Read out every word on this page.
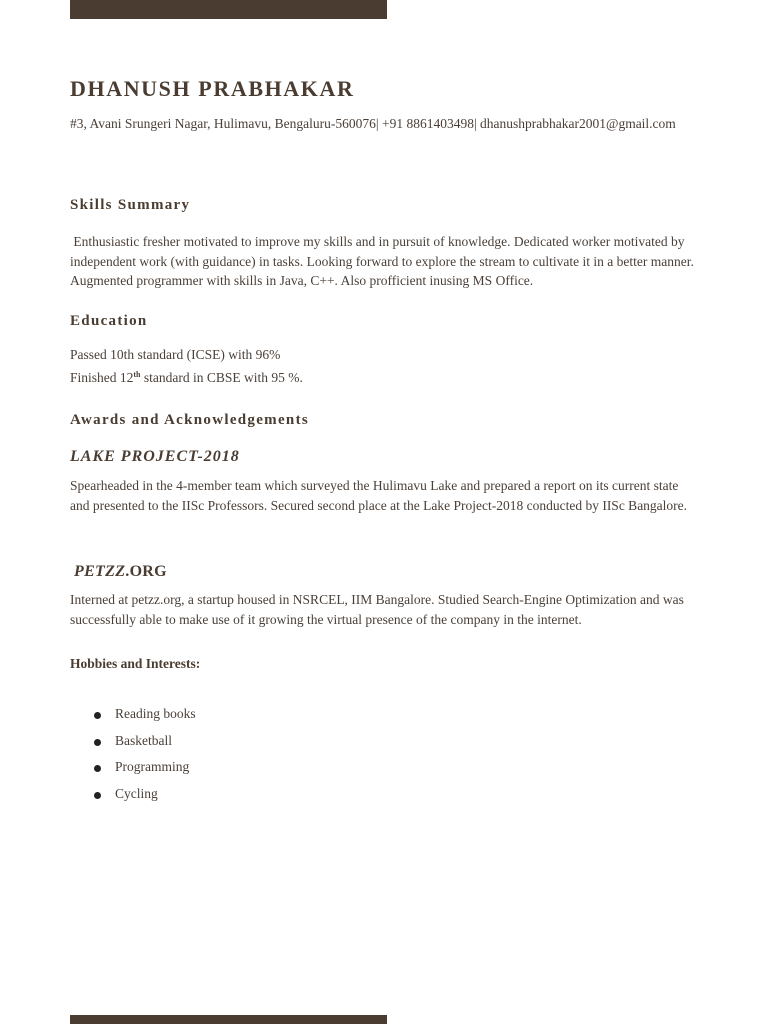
DHANUSH PRABHAKAR

#3, Avani Srungeri Nagar, Hulimavu, Bengaluru-560076| +91 8861403498| dhanushprabhakar2001@gmail.com

Skills Summary

Enthusiastic fresher motivated to improve my skills and in pursuit of knowledge. Dedicated worker motivated by independent work (with guidance) in tasks. Looking forward to explore the stream to cultivate it in a better manner. Augmented programmer with skills in Java, C++. Also profficient inusing MS Office.

Education

Passed 10th standard (ICSE) with 96%

Finished 12th standard in CBSE with 95 %.

Awards and Acknowledgements
LAKE PROJECT-2018

Spearheaded in the 4-member team which surveyed the Hulimavu Lake and prepared a report on its current state and presented to the IISc Professors. Secured second place at the Lake Project-2018 conducted by IISc Bangalore.

PETZZ.ORG

Interned at petzz.org, a startup housed in NSRCEL, IIM Bangalore. Studied Search-Engine Optimization and was successfully able to make use of it growing the virtual presence of the company in the internet.

Hobbies and Interests:
Reading books
Basketball
Programming
Cycling
